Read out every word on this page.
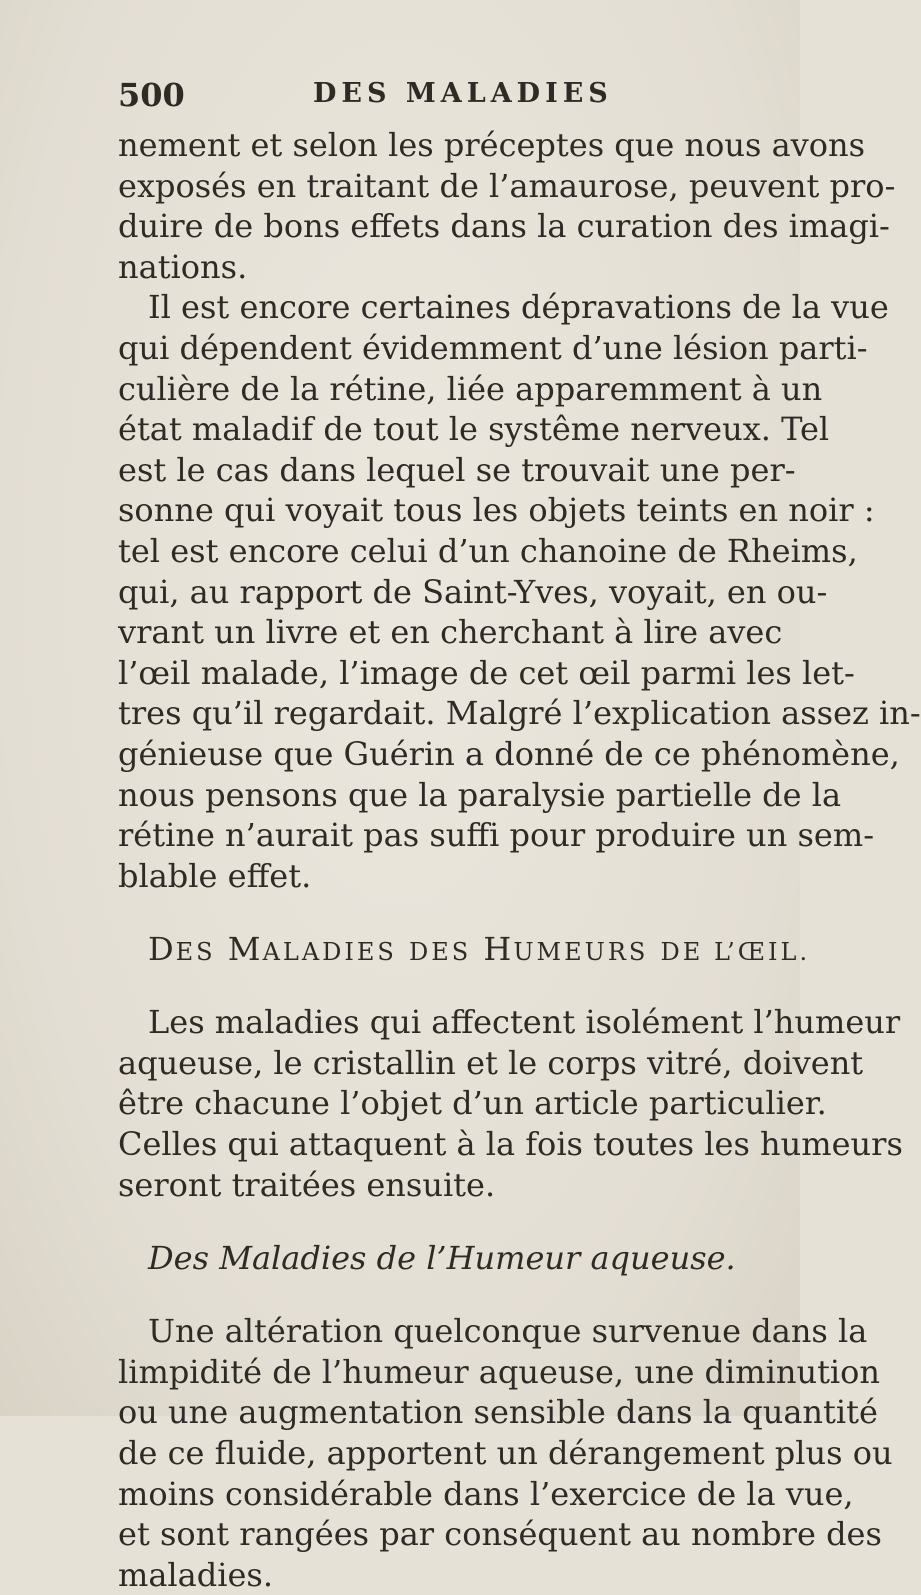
500	DES MALADIES
nement et selon les préceptes que nous avons
exposés en traitant de l’amaurose, peuvent pro-
duire de bons effets dans la curation des imagi-
nations.
Il est encore certaines dépravations de la vue
qui dépendent évidemment d’une lésion parti-
culière de la rétine, liée apparemment à un
état maladif de tout le systême nerveux. Tel
est le cas dans lequel se trouvait une per-
sonne qui voyait tous les objets teints en noir :
tel est encore celui d’un chanoine de Rheims,
qui, au rapport de Saint-Yves, voyait, en ou-
vrant un livre et en cherchant à lire avec
l’œil malade, l’image de cet œil parmi les let-
tres qu’il regardait. Malgré l’explication assez in-
génieuse que Guérin a donné de ce phénomène,
nous pensons que la paralysie partielle de la
rétine n’aurait pas suffi pour produire un sem-
blable effet.
DES MALADIES DES HUMEURS DE L’ŒIL.
Les maladies qui affectent isolément l’humeur
aqueuse, le cristallin et le corps vitré, doivent
être chacune l’objet d’un article particulier.
Celles qui attaquent à la fois toutes les humeurs
seront traitées ensuite.
Des Maladies de l’Humeur aqueuse.
Une altération quelconque survenue dans la
limpidité de l’humeur aqueuse, une diminution
ou une augmentation sensible dans la quantité
de ce fluide, apportent un dérangement plus ou
moins considérable dans l’exercice de la vue,
et sont rangées par conséquent au nombre des
maladies.
